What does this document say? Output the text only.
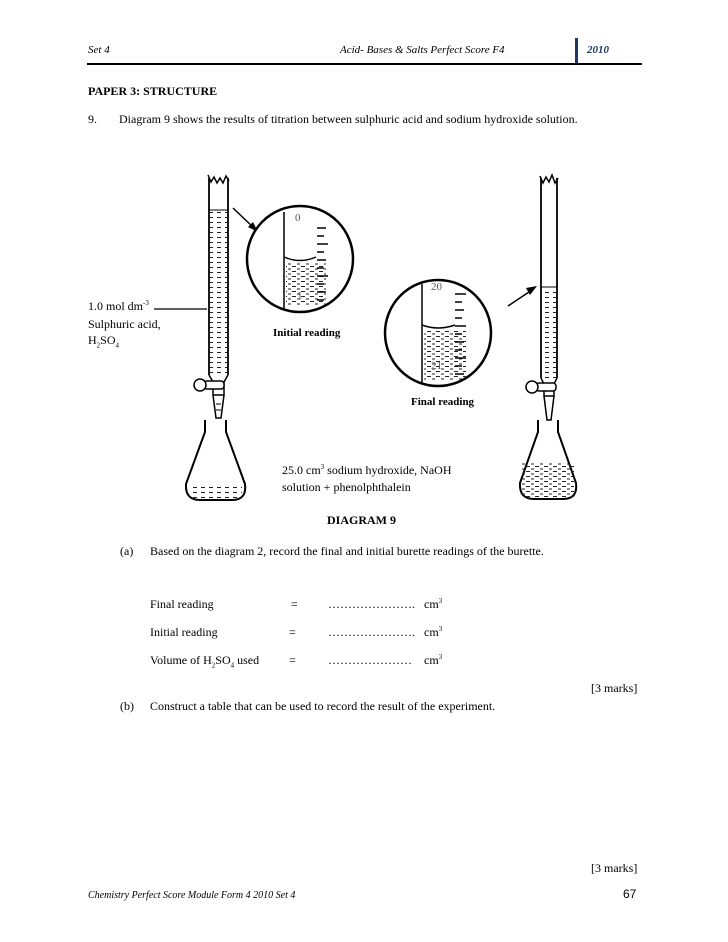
Set 4	Acid- Bases & Salts Perfect Score F4	2010
PAPER 3: STRUCTURE
9. Diagram 9 shows the results of titration between sulphuric acid and sodium hydroxide solution.
0
1
20
21
1.0 mol $dm^{-3}$
Sulphuric acid,
$H_2SO_4$
Initial reading
Final reading
25.0 $cm^3$ sodium hydroxide, NaOH
solution + phenolphthalein
DIAGRAM 9
(a) Based on the diagram 2, record the final and initial burette readings of the burette.
Final reading	=	…………………. $cm^3$
Initial reading	=	…………………. $cm^3$
Volume of $H_2SO_4$ used =	………………… $cm^3$
[3 marks]
(b) Construct a table that can be used to record the result of the experiment.
[3 marks]
Chemistry Perfect Score Module Form 4 2010 Set 4	67
